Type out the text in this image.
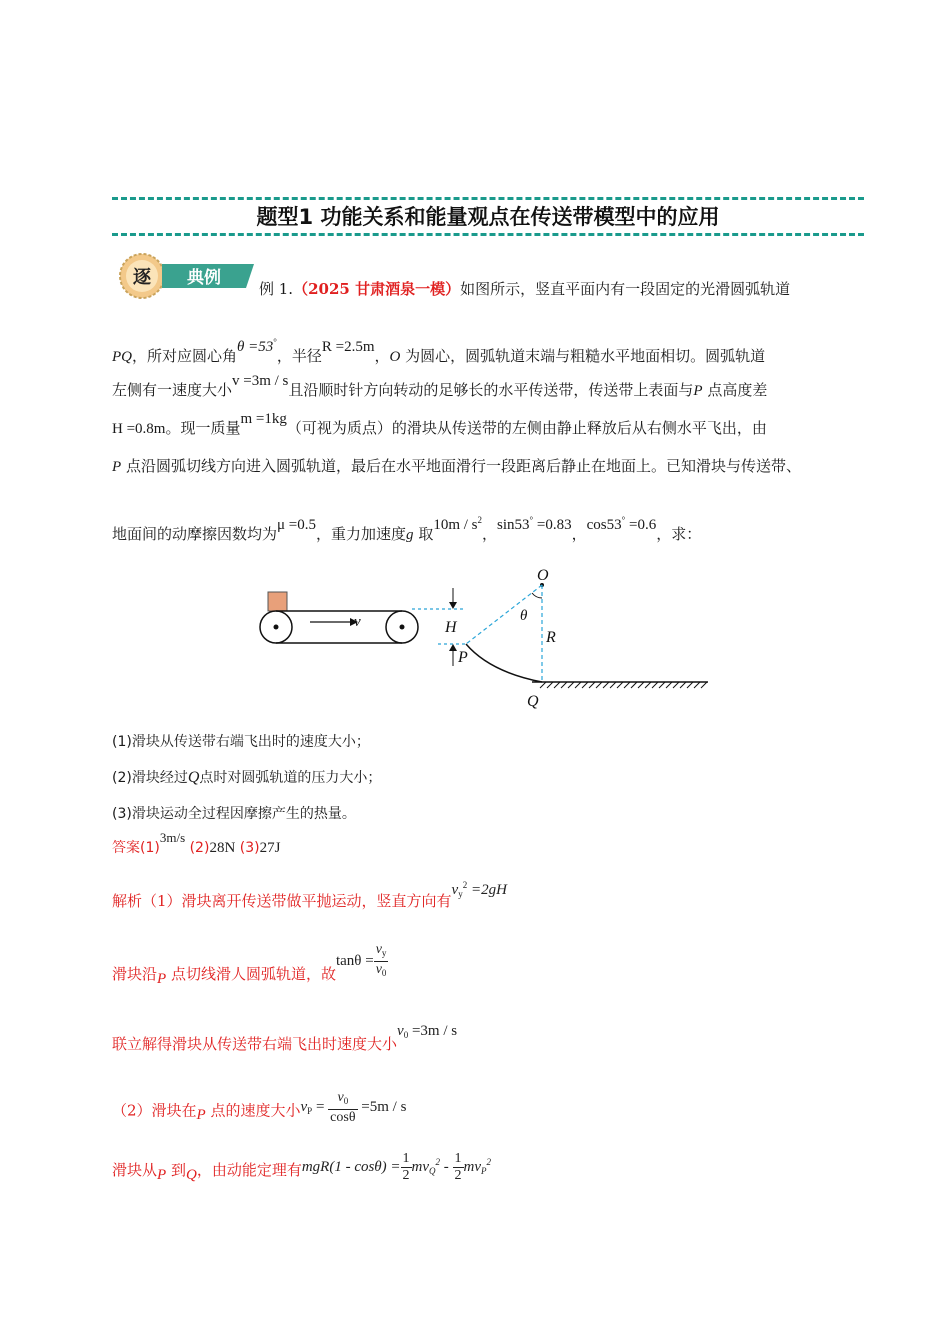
题型1 功能关系和能量观点在传送带模型中的应用
逐 典例
例 1.（2025 甘肃酒泉一模）如图所示，竖直平面内有一段固定的光滑圆弧轨道
PQ，所对应圆心角θ =53°，半径R =2.5m，O 为圆心，圆弧轨道末端与粗糙水平地面相切。圆弧轨道
左侧有一速度大小v =3m / s且沿顺时针方向转动的足够长的水平传送带，传送带上表面与P 点高度差
H =0.8m。现一质量m =1kg（可视为质点）的滑块从传送带的左侧由静止释放后从右侧水平飞出，由
P 点沿圆弧切线方向进入圆弧轨道，最后在水平地面滑行一段距离后静止在地面上。已知滑块与传送带、
地面间的动摩擦因数均为μ =0.5，重力加速度g 取$10m / s^2$，sin53° =0.83，cos53° =0.6，求：
v	H
P
O
θ
R
Q
(1)滑块从传送带右端飞出时的速度大小；
(2)滑块经过Q点时对圆弧轨道的压力大小；
(3)滑块运动全过程因摩擦产生的热量。
答案(1)3m/s (2)28N (3)27J
解析（1）滑块离开传送带做平抛运动，竖直方向有$v_y^2 =2gH$
滑块沿P 点切线滑人圆弧轨道，故$\tan\theta = \frac{v_y}{v_0}$
联立解得滑块从传送带右端飞出时速度大小$v_0 =3m / s$
（2）滑块在P 点的速度大小$v_P = \frac{v_0}{\cos\theta} =5m / s$
滑块从P 到Q，由动能定理有$mgR(1 - \cos\theta) = \frac{1}{2} mv_Q^2 - \frac{1}{2} mv_P^2$
